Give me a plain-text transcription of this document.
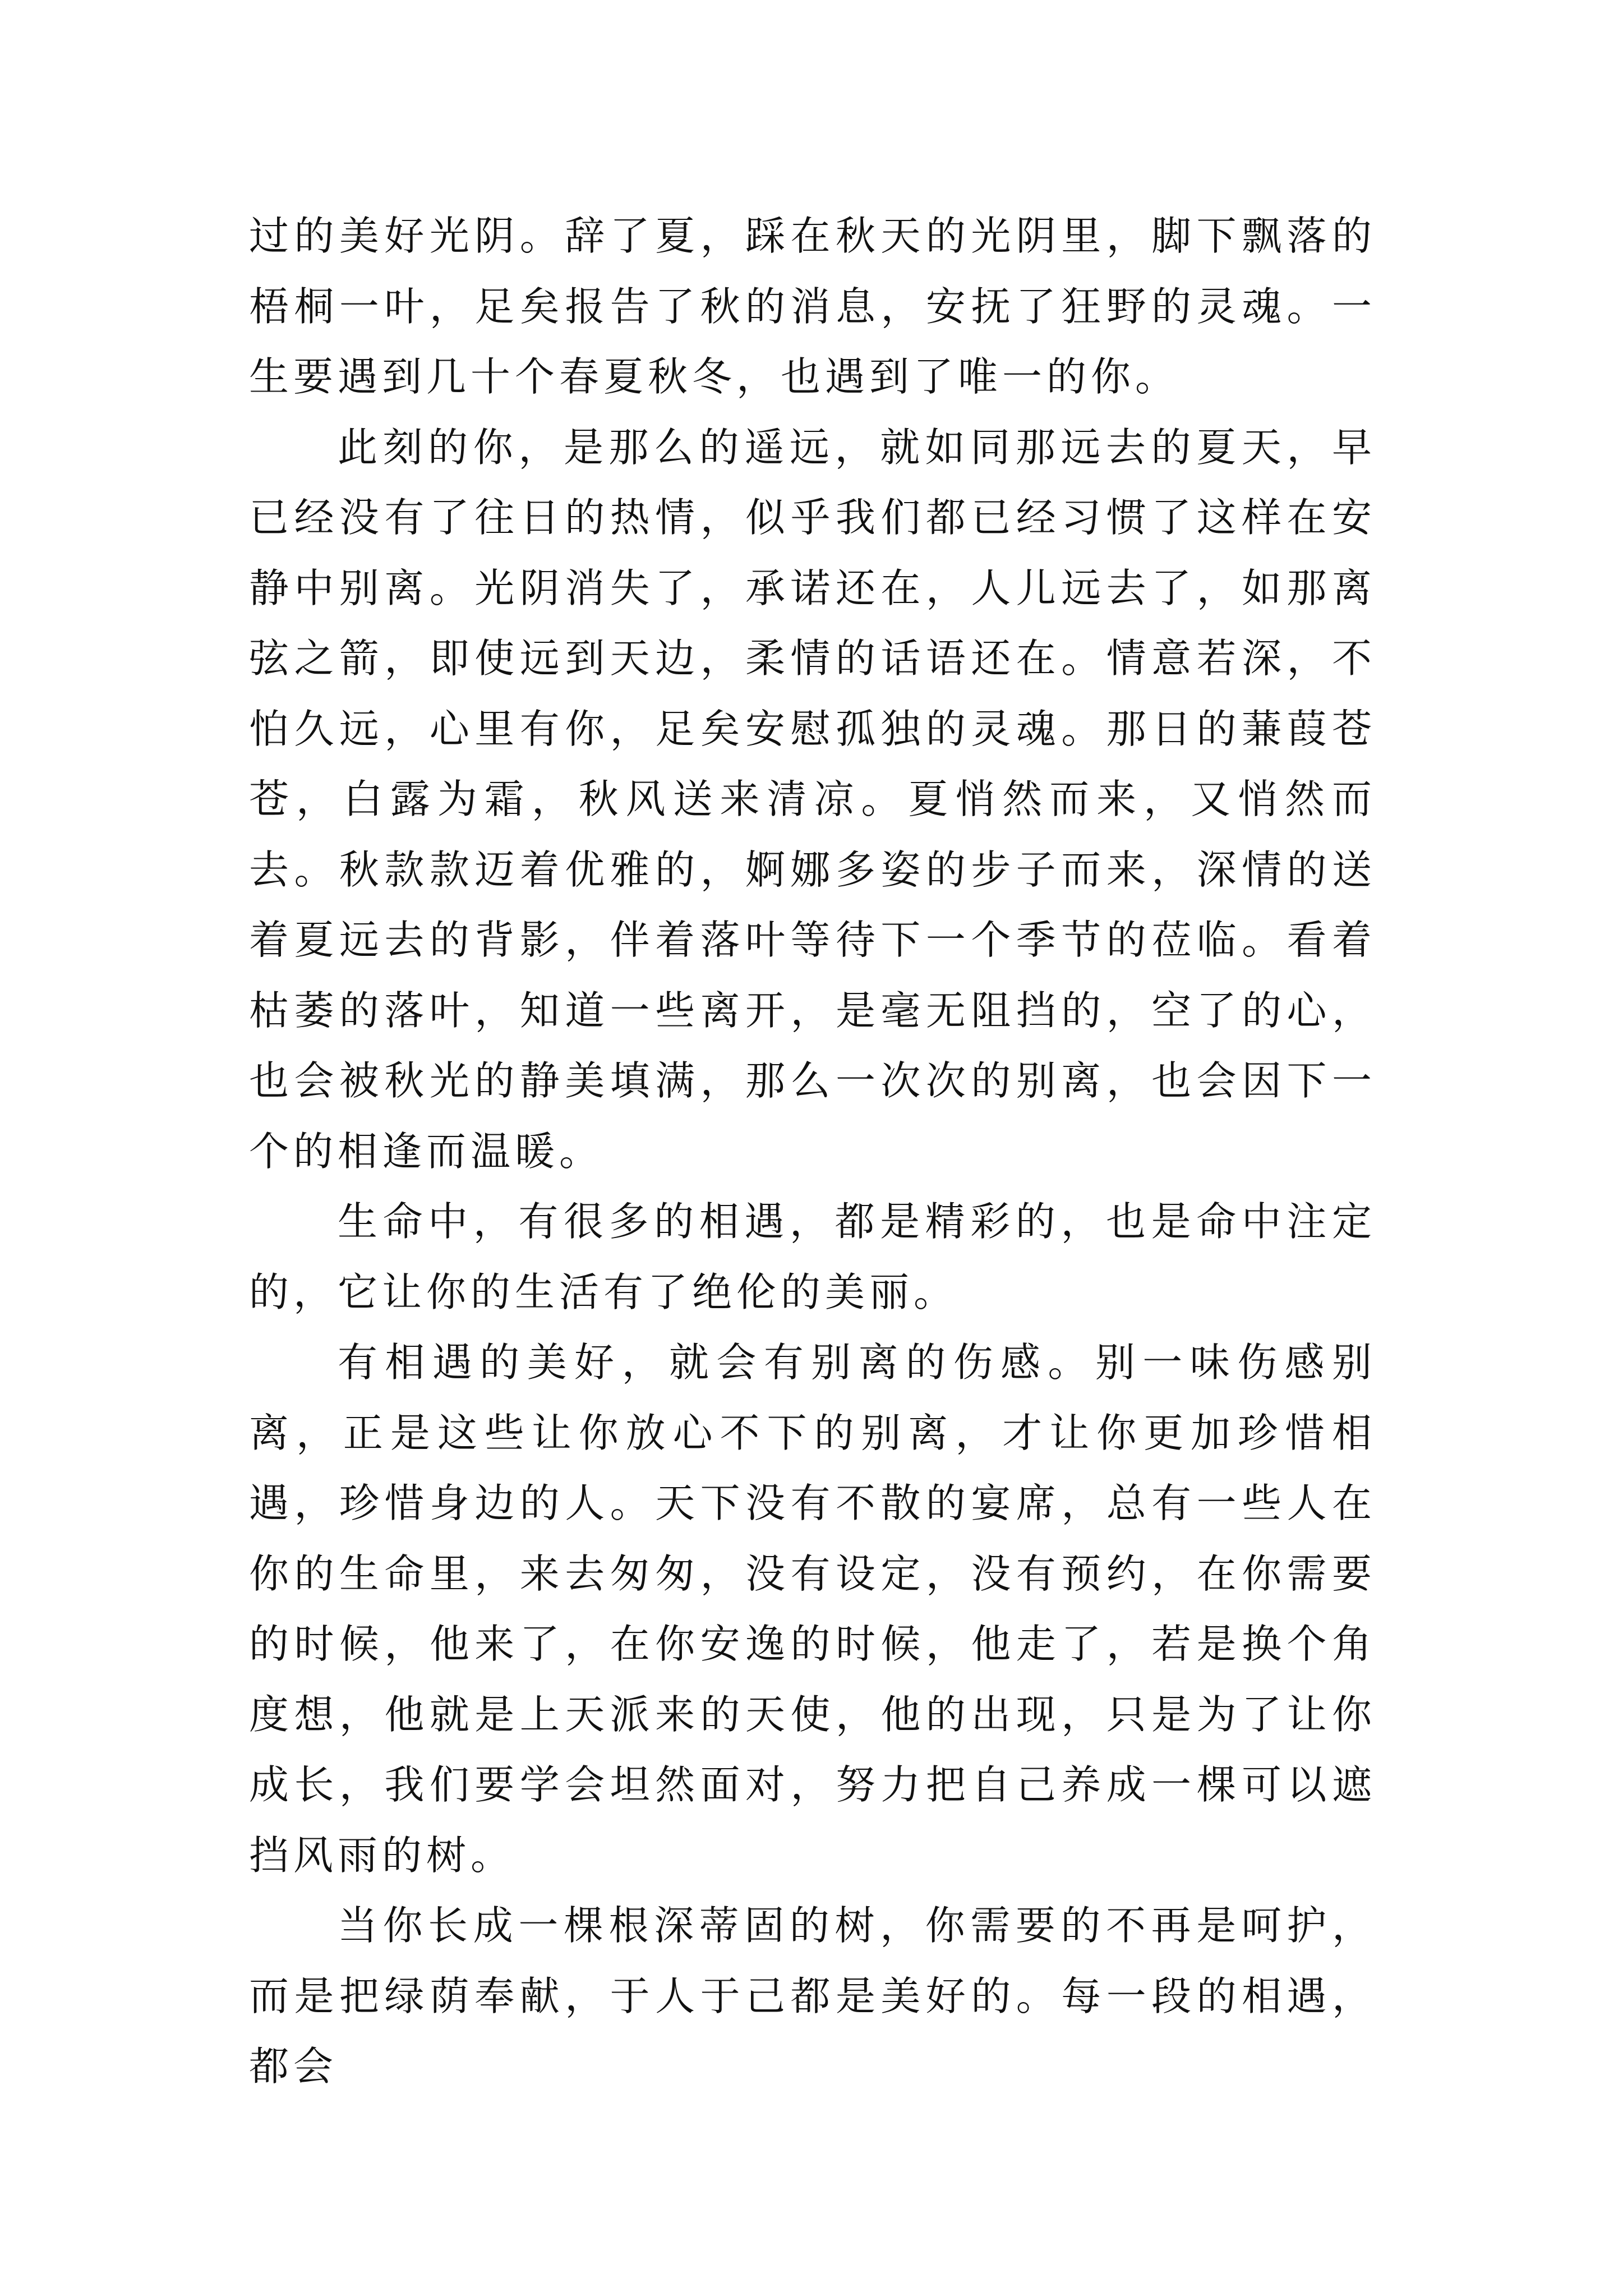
过的美好光阴。辞了夏，踩在秋天的光阴里，脚下飘落的梧桐一叶，足矣报告了秋的消息，安抚了狂野的灵魂。一生要遇到几十个春夏秋冬，也遇到了唯一的你。

此刻的你，是那么的遥远，就如同那远去的夏天，早已经没有了往日的热情，似乎我们都已经习惯了这样在安静中别离。光阴消失了，承诺还在，人儿远去了，如那离弦之箭，即使远到天边，柔情的话语还在。情意若深，不怕久远，心里有你，足矣安慰孤独的灵魂。那日的蒹葭苍苍，白露为霜，秋风送来清凉。夏悄然而来，又悄然而去。秋款款迈着优雅的，婀娜多姿的步子而来，深情的送着夏远去的背影，伴着落叶等待下一个季节的莅临。看着枯萎的落叶，知道一些离开，是毫无阻挡的，空了的心，也会被秋光的静美填满，那么一次次的别离，也会因下一个的相逢而温暖。

生命中，有很多的相遇，都是精彩的，也是命中注定的，它让你的生活有了绝伦的美丽。

有相遇的美好，就会有别离的伤感。别一味伤感别离，正是这些让你放心不下的别离，才让你更加珍惜相遇，珍惜身边的人。天下没有不散的宴席，总有一些人在你的生命里，来去匆匆，没有设定，没有预约，在你需要的时候，他来了，在你安逸的时候，他走了，若是换个角度想，他就是上天派来的天使，他的出现，只是为了让你成长，我们要学会坦然面对，努力把自己养成一棵可以遮挡风雨的树。

当你长成一棵根深蒂固的树，你需要的不再是呵护，而是把绿荫奉献，于人于己都是美好的。每一段的相遇，都会
